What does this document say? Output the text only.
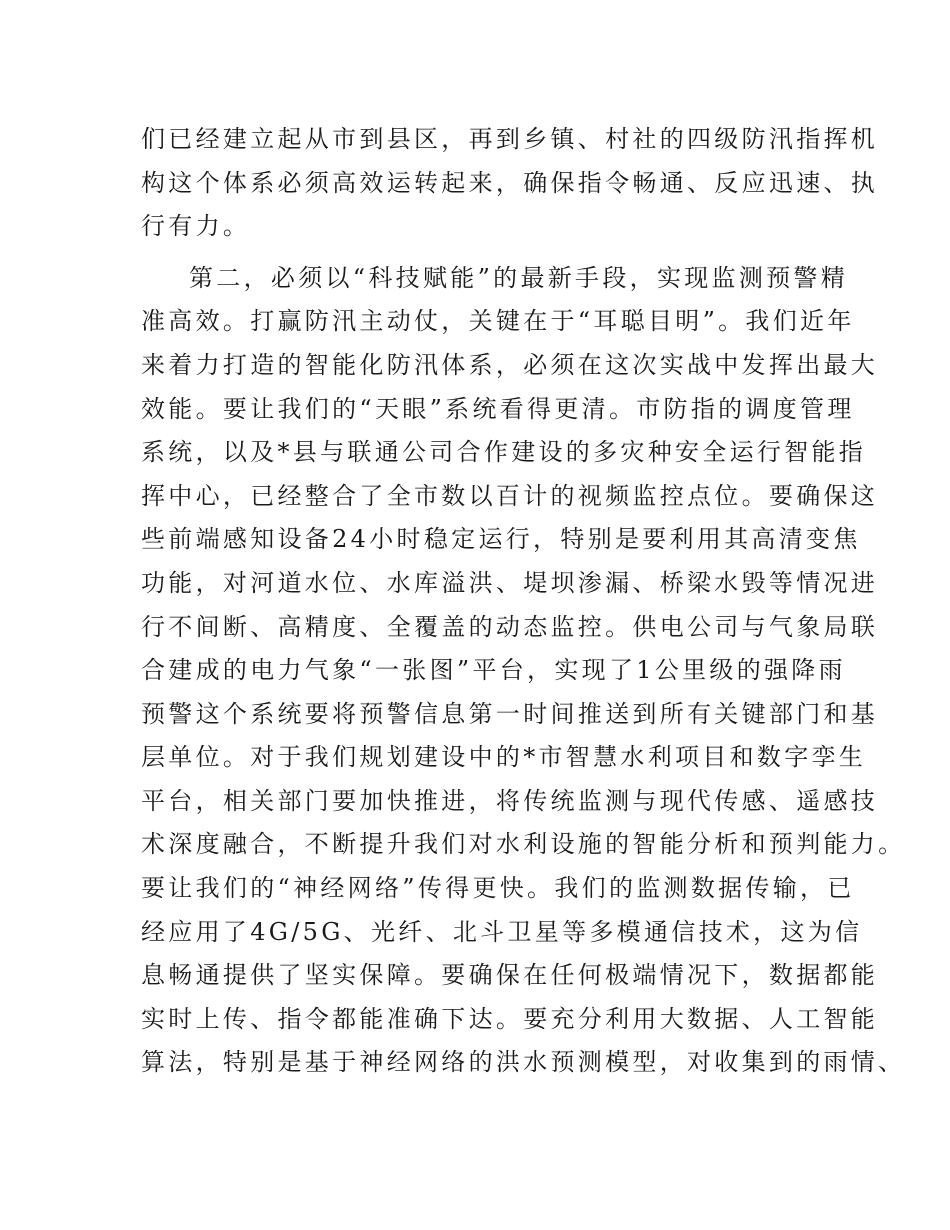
们已经建立起从市到县区，再到乡镇、村社的四级防汛指挥机
构这个体系必须高效运转起来，确保指令畅通、反应迅速、执
行有力。
第二，必须以“科技赋能”的最新手段，实现监测预警精
准高效。打赢防汛主动仗，关键在于“耳聪目明”。我们近年
来着力打造的智能化防汛体系，必须在这次实战中发挥出最大
效能。要让我们的“天眼”系统看得更清。市防指的调度管理
系统，以及*县与联通公司合作建设的多灾种安全运行智能指
挥中心，已经整合了全市数以百计的视频监控点位。要确保这
些前端感知设备24小时稳定运行，特别是要利用其高清变焦
功能，对河道水位、水库溢洪、堤坝渗漏、桥梁水毁等情况进
行不间断、高精度、全覆盖的动态监控。供电公司与气象局联
合建成的电力气象“一张图”平台，实现了1公里级的强降雨
预警这个系统要将预警信息第一时间推送到所有关键部门和基
层单位。对于我们规划建设中的*市智慧水利项目和数字孪生
平台，相关部门要加快推进，将传统监测与现代传感、遥感技
术深度融合，不断提升我们对水利设施的智能分析和预判能力。
要让我们的“神经网络”传得更快。我们的监测数据传输，已
经应用了4G/5G、光纤、北斗卫星等多模通信技术，这为信
息畅通提供了坚实保障。要确保在任何极端情况下，数据都能
实时上传、指令都能准确下达。要充分利用大数据、人工智能
算法，特别是基于神经网络的洪水预测模型，对收集到的雨情、
